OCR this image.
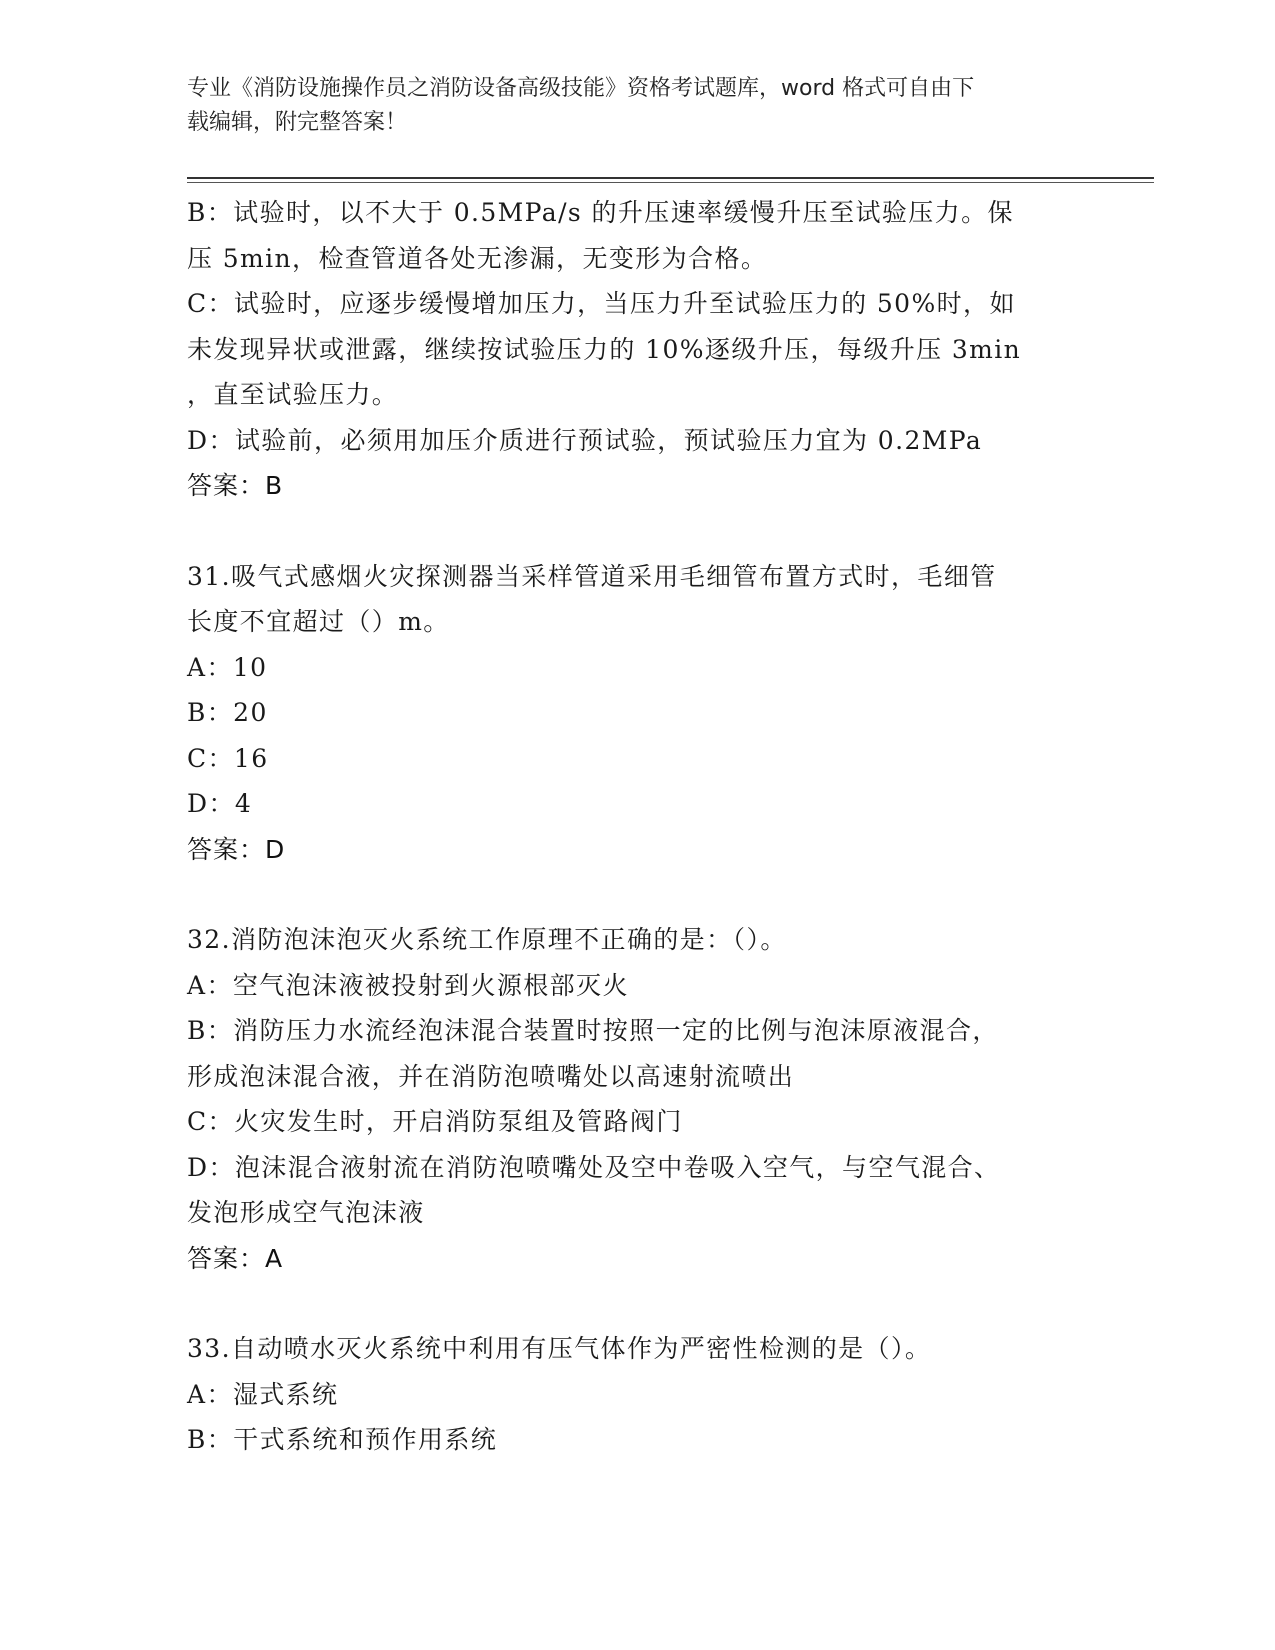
专业《消防设施操作员之消防设备高级技能》资格考试题库，word 格式可自由下
载编辑，附完整答案！
B：试验时，以不大于 0.5MPa/s 的升压速率缓慢升压至试验压力。保
压 5min，检查管道各处无渗漏，无变形为合格。
C：试验时，应逐步缓慢增加压力，当压力升至试验压力的 50%时，如
未发现异状或泄露，继续按试验压力的 10%逐级升压，每级升压 3min
，直至试验压力。
D：试验前，必须用加压介质进行预试验，预试验压力宜为 0.2MPa
答案：B
31.吸气式感烟火灾探测器当采样管道采用毛细管布置方式时，毛细管
长度不宜超过（）m。
A：10
B：20
C：16
D：4
答案：D
32.消防泡沫泡灭火系统工作原理不正确的是：（）。
A：空气泡沫液被投射到火源根部灭火
B：消防压力水流经泡沫混合装置时按照一定的比例与泡沫原液混合，
形成泡沫混合液，并在消防泡喷嘴处以高速射流喷出
C：火灾发生时，开启消防泵组及管路阀门
D：泡沫混合液射流在消防泡喷嘴处及空中卷吸入空气，与空气混合、
发泡形成空气泡沫液
答案：A
33.自动喷水灭火系统中利用有压气体作为严密性检测的是（）。
A：湿式系统
B：干式系统和预作用系统
